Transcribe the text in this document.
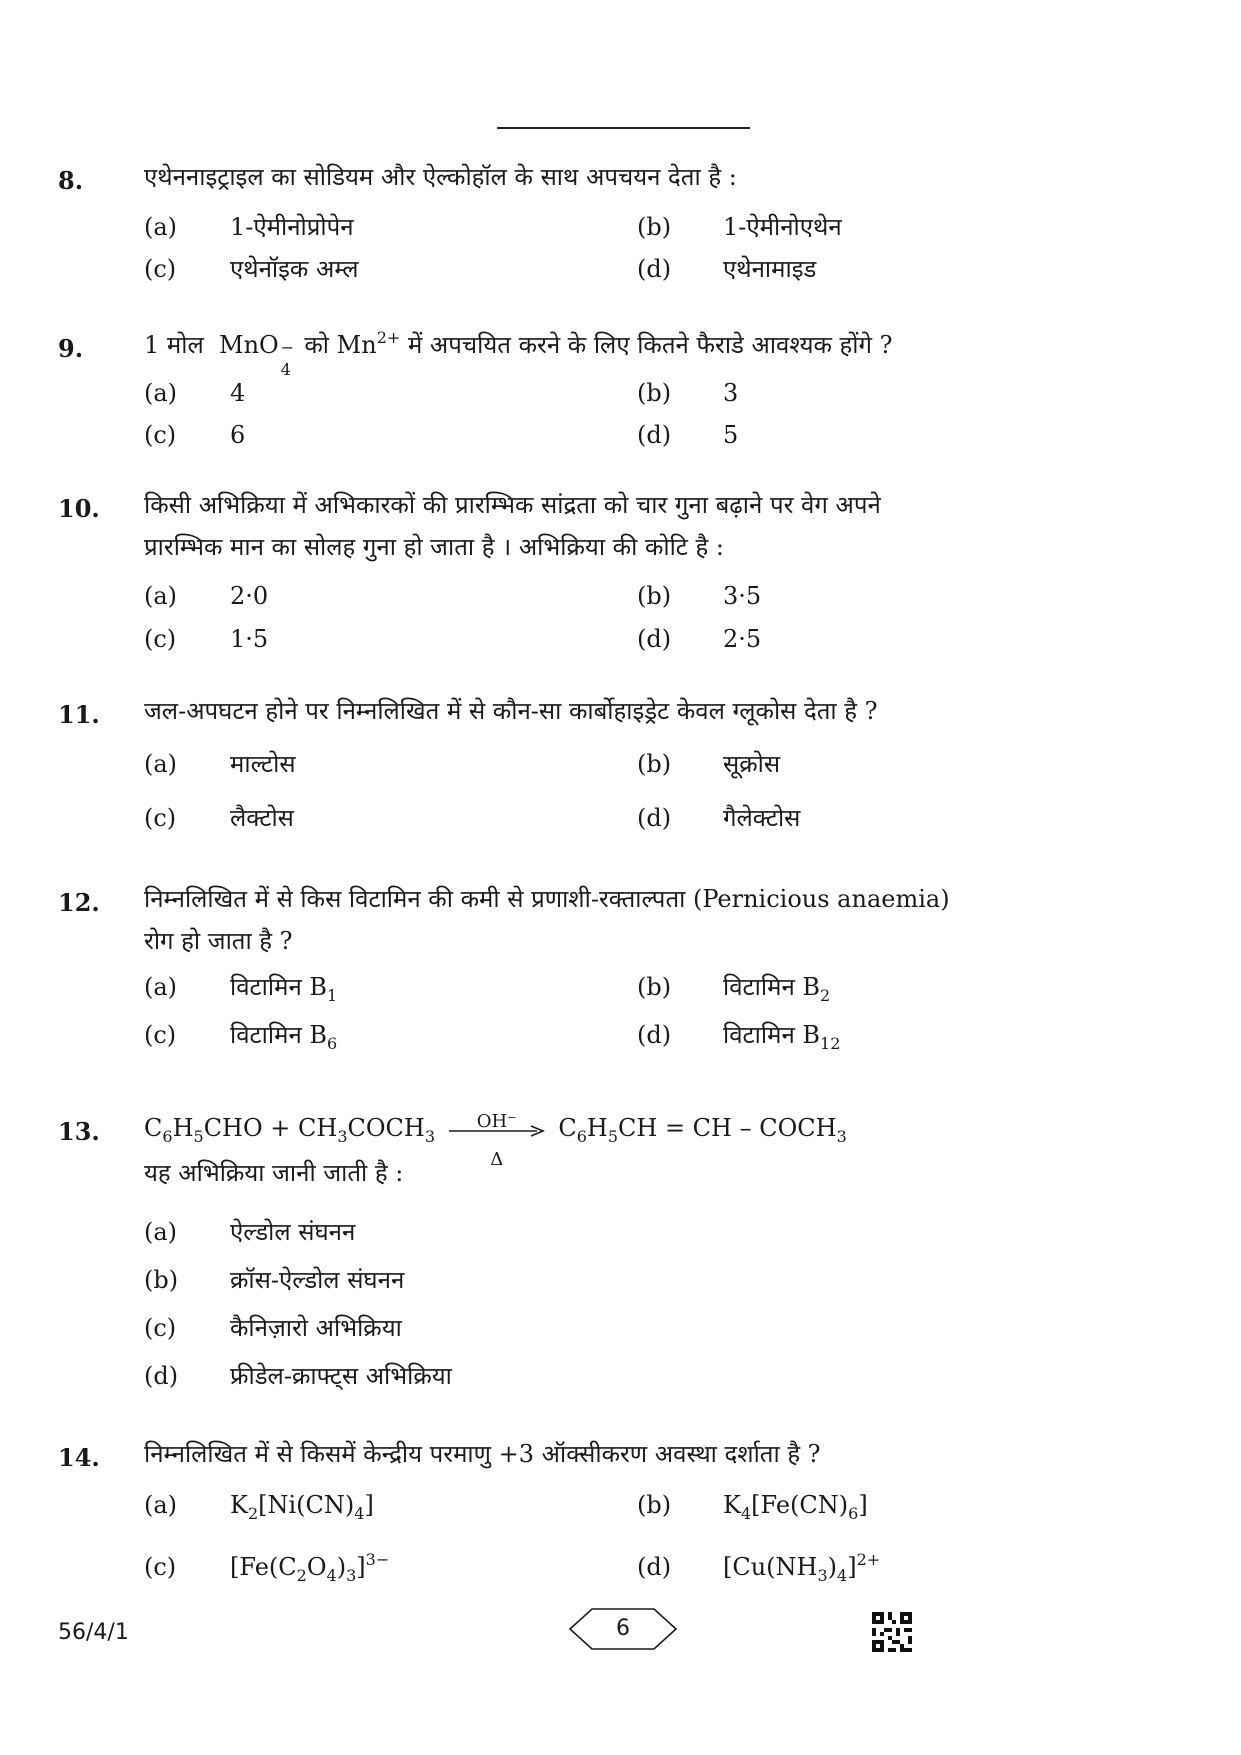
8.	एथेननाइट्राइल का सोडियम और ऐल्कोहॉल के साथ अपचयन देता है :
(a) 1-ऐमीनोप्रोपेन	(b) 1-ऐमीनोएथेन
(c) एथेनॉइक अम्ल	(d) एथेनामाइड
9.	1 मोल MnO −
4
को $Mn^{2+}$ में अपचयित करने के लिए कितने फैराडे आवश्यक होंगे ?
(a) 4	(b) 3
(c) 6	(d) 5
10. किसी अभिक्रिया में अभिकारकों की प्रारम्भिक सांद्रता को चार गुना बढ़ाने पर वेग अपने
प्रारम्भिक मान का सोलह गुना हो जाता है । अभिक्रिया की कोटि है :
(a) 2·0	(b) 3·5
(c) 1·5	(d) 2·5
11. जल-अपघटन होने पर निम्नलिखित में से कौन-सा कार्बोहाइड्रेट केवल ग्लूकोस देता है ?
(a) माल्टोस	(b) सूक्रोस
(c) लैक्टोस	(d) गैलेक्टोस
12. निम्नलिखित में से किस विटामिन की कमी से प्रणाशी-रक्ताल्पता (Pernicious anaemia)
रोग हो जाता है ?
(a) विटामिन $B_1$	(b) विटामिन $B_2$
(c) विटामिन $B_6$	(d) विटामिन $B_{12}$
13. $C_6H_5CHO$ + $CH_3COCH_3$
OH⁻
Δ
$C_6H_5CH$ = CH – $COCH_3$
यह अभिक्रिया जानी जाती है :
(a) ऐल्डोल संघनन
(b) क्रॉस-ऐल्डोल संघनन
(c) कैनिज़ारो अभिक्रिया
(d) फ्रीडेल-क्राफ्ट्स अभिक्रिया
14. निम्नलिखित में से किसमें केन्द्रीय परमाणु +3 ऑक्सीकरण अवस्था दर्शाता है ?
(a) $K_2[Ni(CN)_4]$	(b) $K_4[Fe(CN)_6]$
(c) $[Fe(C_2O_4)_3]^{3-}$	(d) $[Cu(NH_3)_4]^{2+}$
56/4/1	6
